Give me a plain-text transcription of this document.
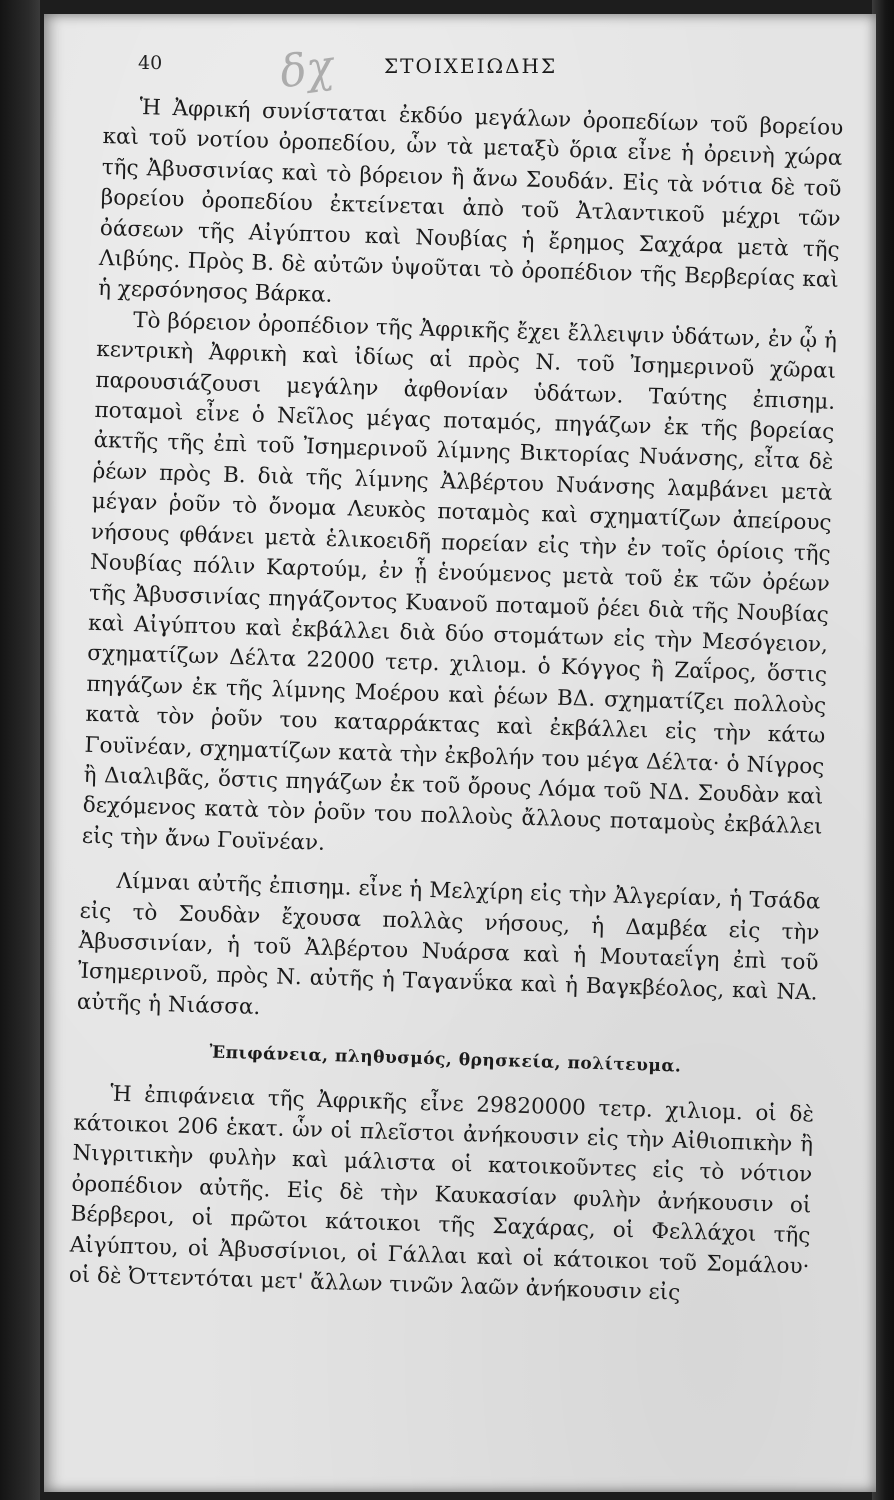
40	ΣΤΟΙΧΕΙΩΔΗΣ
δχ

Ἡ Ἀφρική συνίσταται ἐκδύο μεγάλων ὀροπεδίων τοῦ βορείου καὶ τοῦ νοτίου ὀροπεδίου, ὧν τὰ μεταξὺ ὅρια εἶνε ἡ ὀρεινὴ χώρα τῆς Ἀβυσσινίας καὶ τὸ βόρειον ἢ ἄνω Σουδάν. Εἰς τὰ νότια δὲ τοῦ βορείου ὀροπεδίου ἐκτείνεται ἀπὸ τοῦ Ἀτλαντικοῦ μέχρι τῶν ὀάσεων τῆς Αἰγύπτου καὶ Νουβίας ἡ ἔρημος Σαχάρα μετὰ τῆς Λιβύης. Πρὸς Β. δὲ αὐτῶν ὑψοῦται τὸ ὀροπέδιον τῆς Βερβερίας καὶ ἡ χερσόνησος Βάρκα.

Τὸ βόρειον ὀροπέδιον τῆς Ἀφρικῆς ἔχει ἔλλειψιν ὑδάτων, ἐν ᾧ ἡ κεντρικὴ Ἀφρικὴ καὶ ἰδίως αἱ πρὸς Ν. τοῦ Ἰσημερινοῦ χῶραι παρουσιάζουσι μεγάλην ἀφθονίαν ὑδάτων. Ταύτης ἐπισημ. ποταμοὶ εἶνε ὁ Νεῖλος μέγας ποταμός, πηγάζων ἐκ τῆς βορείας ἀκτῆς τῆς ἐπὶ τοῦ Ἰσημερινοῦ λίμνης Βικτορίας Νυάνσης, εἶτα δὲ ῥέων πρὸς Β. διὰ τῆς λίμνης Ἀλβέρτου Νυάνσης λαμβάνει μετὰ μέγαν ῥοῦν τὸ ὄνομα Λευκὸς ποταμὸς καὶ σχηματίζων ἀπείρους νήσους φθάνει μετὰ ἑλικοειδῆ πορείαν εἰς τὴν ἐν τοῖς ὁρίοις τῆς Νουβίας πόλιν Καρτούμ, ἐν ᾗ ἑνούμενος μετὰ τοῦ ἐκ τῶν ὀρέων τῆς Ἀβυσσινίας πηγάζοντος Κυανοῦ ποταμοῦ ῥέει διὰ τῆς Νουβίας καὶ Αἰγύπτου καὶ ἐκβάλλει διὰ δύο στομάτων εἰς τὴν Μεσόγειον, σχηματίζων Δέλτα 22000 τετρ. χιλιομ. ὁ Κόγγος ἢ Ζαΐρος, ὅστις πηγάζων ἐκ τῆς λίμνης Μοέρου καὶ ῥέων ΒΔ. σχηματίζει πολλοὺς κατὰ τὸν ῥοῦν του καταρράκτας καὶ ἐκβάλλει εἰς τὴν κάτω Γουϊνέαν, σχηματίζων κατὰ τὴν ἐκβολήν του μέγα Δέλτα· ὁ Νίγρος ἢ Διαλιβᾶς, ὅστις πηγάζων ἐκ τοῦ ὄρους Λόμα τοῦ ΝΔ. Σουδὰν καὶ δεχόμενος κατὰ τὸν ῥοῦν του πολλοὺς ἄλλους ποταμοὺς ἐκβάλλει εἰς τὴν ἄνω Γουϊνέαν.

Λίμναι αὐτῆς ἐπισημ. εἶνε ἡ Μελχίρη εἰς τὴν Ἀλγερίαν, ἡ Τσάδα εἰς τὸ Σουδὰν ἔχουσα πολλὰς νήσους, ἡ Δαμβέα εἰς τὴν Ἀβυσσινίαν, ἡ τοῦ Ἀλβέρτου Νυάρσα καὶ ἡ Μουταεΐγη ἐπὶ τοῦ Ἰσημερινοῦ, πρὸς Ν. αὐτῆς ἡ Ταγανΰκα καὶ ἡ Βαγκβέολος, καὶ ΝΑ. αὐτῆς ἡ Νιάσσα.

Ἐπιφάνεια, πληθυσμός, θρησκεία, πολίτευμα.

Ἡ ἐπιφάνεια τῆς Ἀφρικῆς εἶνε 29820000 τετρ. χιλιομ. οἱ δὲ κάτοικοι 206 ἑκατ. ὧν οἱ πλεῖστοι ἀνήκουσιν εἰς τὴν Αἰθιοπικὴν ἢ Νιγριτικὴν φυλὴν καὶ μάλιστα οἱ κατοικοῦντες εἰς τὸ νότιον ὀροπέδιον αὐτῆς. Εἰς δὲ τὴν Καυκασίαν φυλὴν ἀνήκουσιν οἱ Βέρβεροι, οἱ πρῶτοι κάτοικοι τῆς Σαχάρας, οἱ Φελλάχοι τῆς Αἰγύπτου, οἱ Ἀβυσσίνιοι, οἱ Γάλλαι καὶ οἱ κάτοικοι τοῦ Σομάλου· οἱ δὲ Ὀττεντόται μετ' ἄλλων τινῶν λαῶν ἀνήκουσιν εἰς
